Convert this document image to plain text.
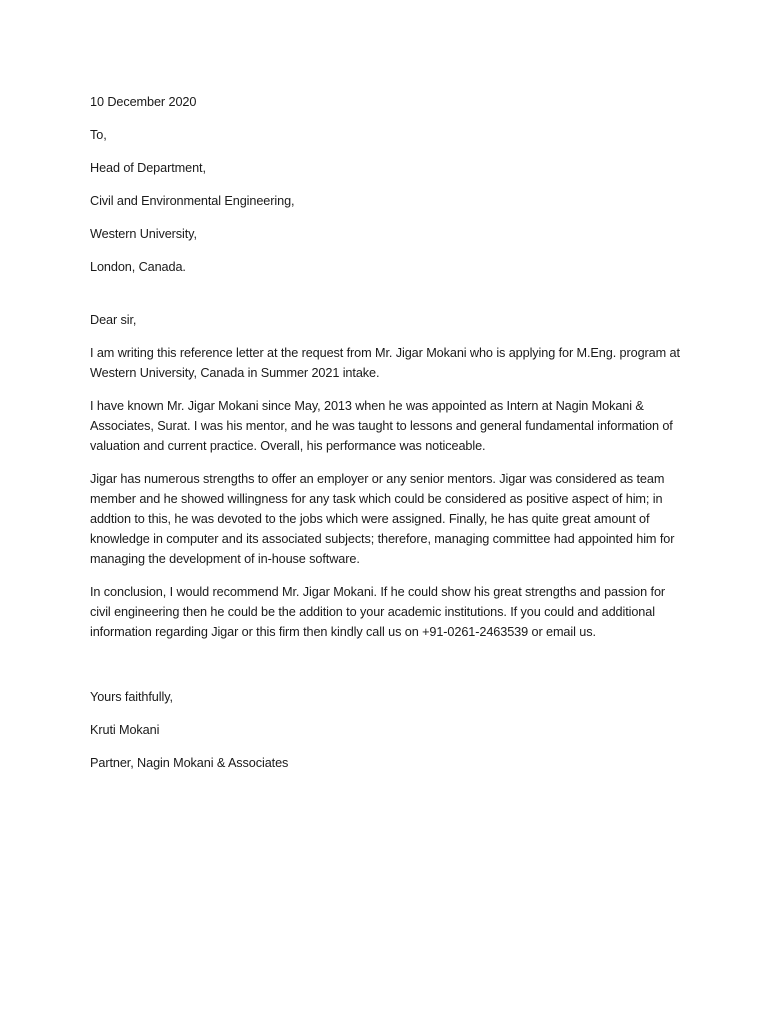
10 December 2020
To,
Head of Department,
Civil and Environmental Engineering,
Western University,
London, Canada.
Dear sir,

I am writing this reference letter at the request from Mr. Jigar Mokani who is applying for M.Eng. program at Western University, Canada in Summer 2021 intake.

I have known Mr. Jigar Mokani since May, 2013 when he was appointed as Intern at Nagin Mokani & Associates, Surat. I was his mentor, and he was taught to lessons and general fundamental information of valuation and current practice. Overall, his performance was noticeable.

Jigar has numerous strengths to offer an employer or any senior mentors. Jigar was considered as team member and he showed willingness for any task which could be considered as positive aspect of him; in addtion to this, he was devoted to the jobs which were assigned. Finally, he has quite great amount of knowledge in computer and its associated subjects; therefore, managing committee had appointed him for managing the development of in-house software.

In conclusion, I would recommend Mr. Jigar Mokani. If he could show his great strengths and passion for civil engineering then he could be the addition to your academic institutions. If you could and additional information regarding Jigar or this firm then kindly call us on +91-0261-2463539 or email us.

Yours faithfully,
Kruti Mokani
Partner, Nagin Mokani & Associates
